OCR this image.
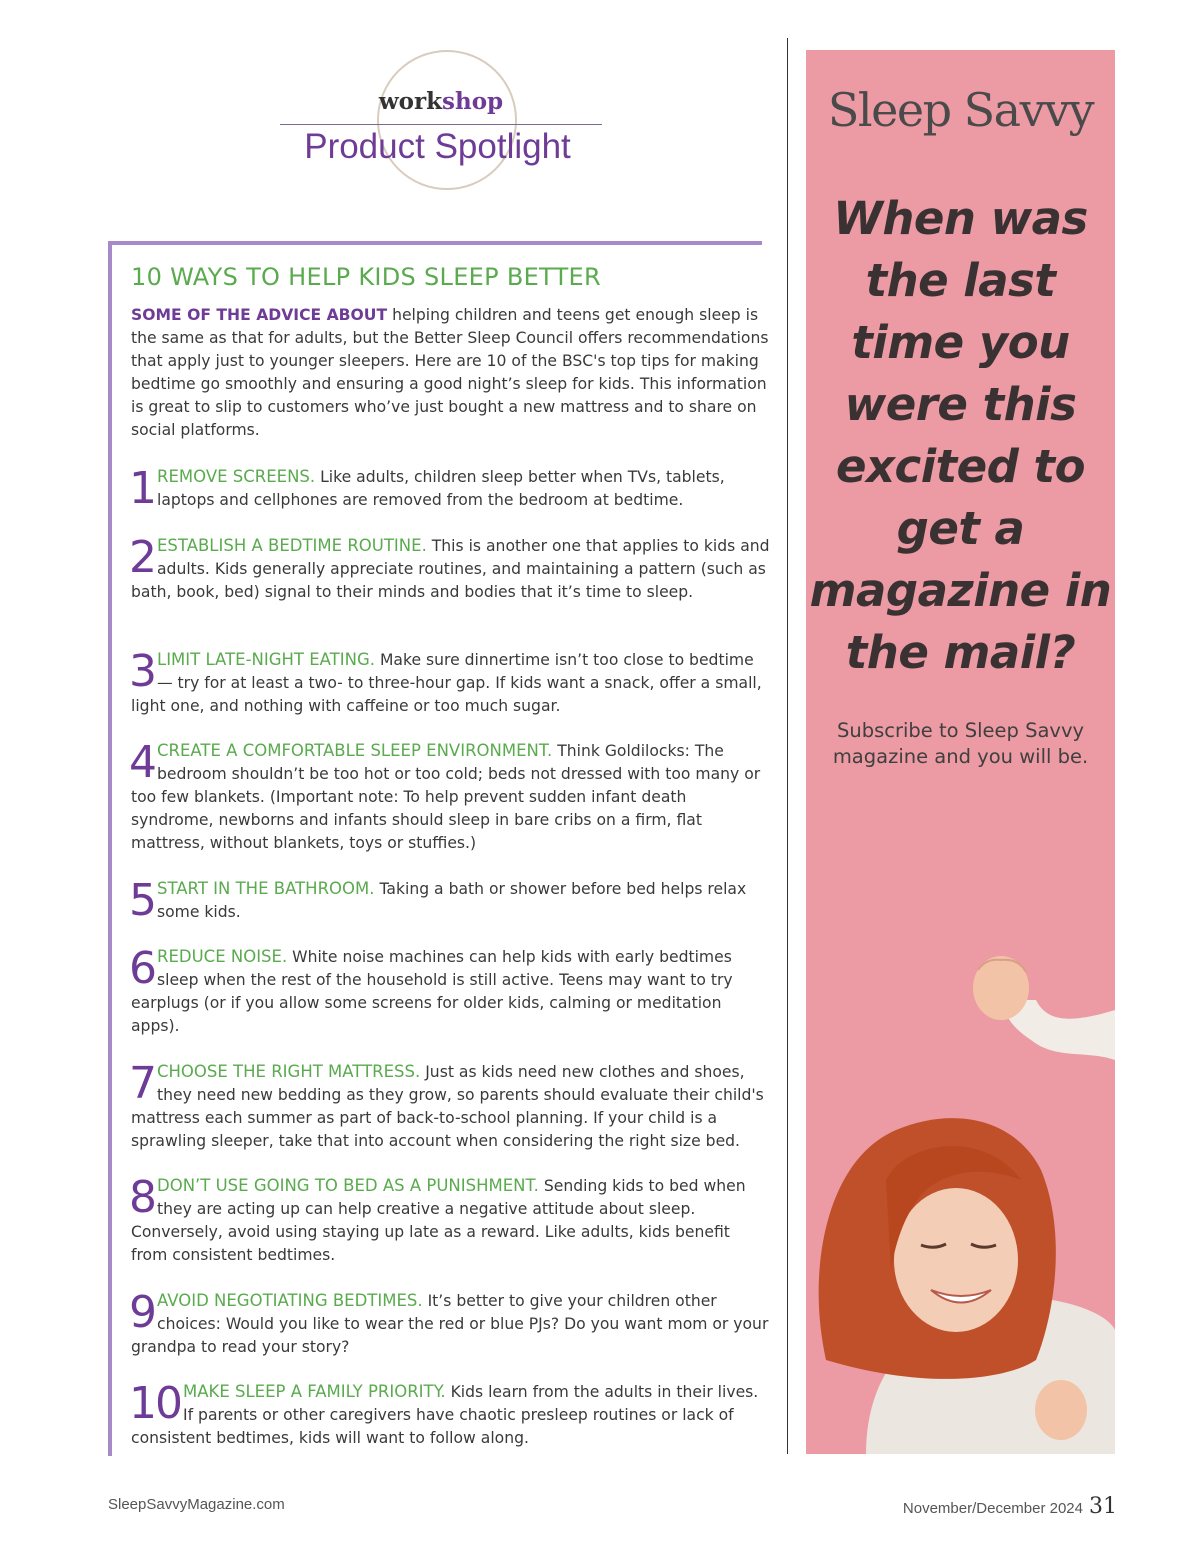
workshop
Product Spotlight
10 WAYS TO HELP KIDS SLEEP BETTER
SOME OF THE ADVICE ABOUT helping children and teens get enough sleep is the same as that for adults, but the Better Sleep Council offers recommendations that apply just to younger sleepers. Here are 10 of the BSC's top tips for making bedtime go smoothly and ensuring a good night’s sleep for kids. This information is great to slip to customers who’ve just bought a new mattress and to share on social platforms.
1 REMOVE SCREENS. Like adults, children sleep better when TVs, tablets, laptops and cellphones are removed from the bedroom at bedtime.
2 ESTABLISH A BEDTIME ROUTINE. This is another one that applies to kids and adults. Kids generally appreciate routines, and maintaining a pattern (such as bath, book, bed) signal to their minds and bodies that it’s time to sleep.
3 LIMIT LATE-NIGHT EATING. Make sure dinnertime isn’t too close to bedtime — try for at least a two- to three-hour gap. If kids want a snack, offer a small, light one, and nothing with caffeine or too much sugar.
4 CREATE A COMFORTABLE SLEEP ENVIRONMENT. Think Goldilocks: The bedroom shouldn’t be too hot or too cold; beds not dressed with too many or too few blankets. (Important note: To help prevent sudden infant death syndrome, newborns and infants should sleep in bare cribs on a firm, flat mattress, without blankets, toys or stuffies.)
5 START IN THE BATHROOM. Taking a bath or shower before bed helps relax some kids.
6 REDUCE NOISE. White noise machines can help kids with early bedtimes sleep when the rest of the household is still active. Teens may want to try earplugs (or if you allow some screens for older kids, calming or meditation apps).
7 CHOOSE THE RIGHT MATTRESS. Just as kids need new clothes and shoes, they need new bedding as they grow, so parents should evaluate their child's mattress each summer as part of back-to-school planning. If your child is a sprawling sleeper, take that into account when considering the right size bed.
8 DON’T USE GOING TO BED AS A PUNISHMENT. Sending kids to bed when they are acting up can help creative a negative attitude about sleep. Conversely, avoid using staying up late as a reward. Like adults, kids benefit from consistent bedtimes.
9 AVOID NEGOTIATING BEDTIMES. It’s better to give your children other choices: Would you like to wear the red or blue PJs? Do you want mom or your grandpa to read your story?
10 MAKE SLEEP A FAMILY PRIORITY. Kids learn from the adults in their lives. If parents or other caregivers have chaotic presleep routines or lack of consistent bedtimes, kids will want to follow along.
Sleep Savvy
When was the last time you were this excited to get a magazine in the mail?
Subscribe to Sleep Savvy magazine and you will be.
SleepSavvyMagazine.com	November/December 2024 31
